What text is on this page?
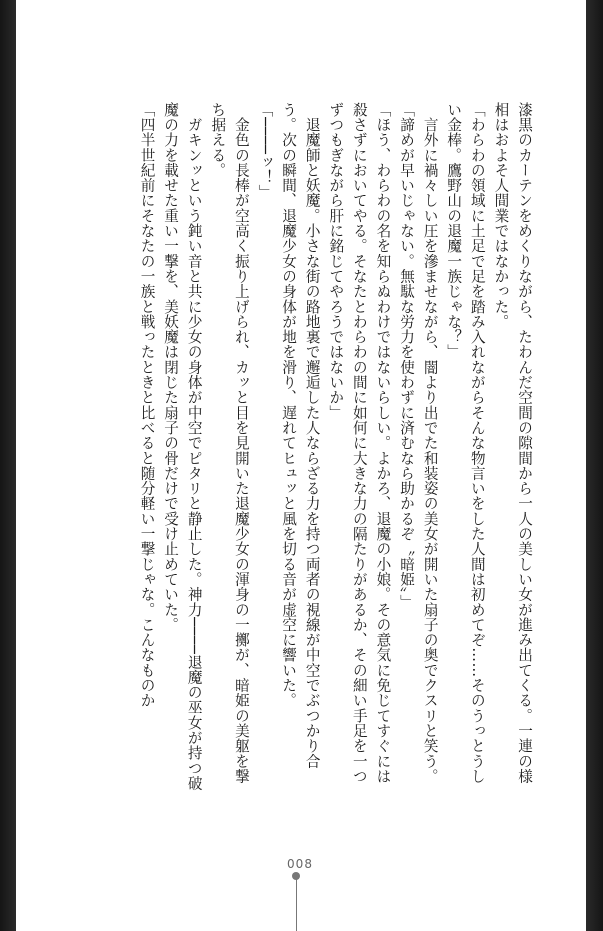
漆黒のカーテンをめくりながら、たわんだ空間の隙間から一人の美しい女が進み出てくる。一連の様相はおよそ人間業ではなかった。

「わらわの領域に土足で足を踏み入れながらそんな物言いをした人間は初めてぞ……そのうっとうしい金棒。鷹野山の退魔一族じゃな？」

　言外に禍々しい圧を滲ませながら、闇より出でた和装姿の美女が開いた扇子の奥でクスリと笑う。

「諦めが早いじゃない。無駄な労力を使わずに済むなら助かるぞ〝暗姫〟」

「ほう、わらわの名を知らぬわけではないらしい。よかろ、退魔の小娘。その意気に免じてすぐには殺さずにおいてやる。そなたとわらわの間に如何に大きな力の隔たりがあるか、その細い手足を一つずつもぎながら肝に銘じてやろうではないか」

　退魔師と妖魔。小さな街の路地裏で邂逅した人ならざる力を持つ両者の視線が中空でぶつかり合う。次の瞬間、退魔少女の身体が地を滑り、遅れてヒュッと風を切る音が虚空に響いた。

「────ッ！」

　金色の長棒が空高く振り上げられ、カッと目を見開いた退魔少女の渾身の一擲が、暗姫の美躯を撃ち据える。

　ガキンッという鈍い音と共に少女の身体が中空でピタリと静止した。神力────退魔の巫女が持つ破魔の力を載せた重い一撃を、美妖魔は閉じた扇子の骨だけで受け止めていた。

「四半世紀前にそなたの一族と戦ったときと比べると随分軽い一撃じゃな。こんなものか

008
